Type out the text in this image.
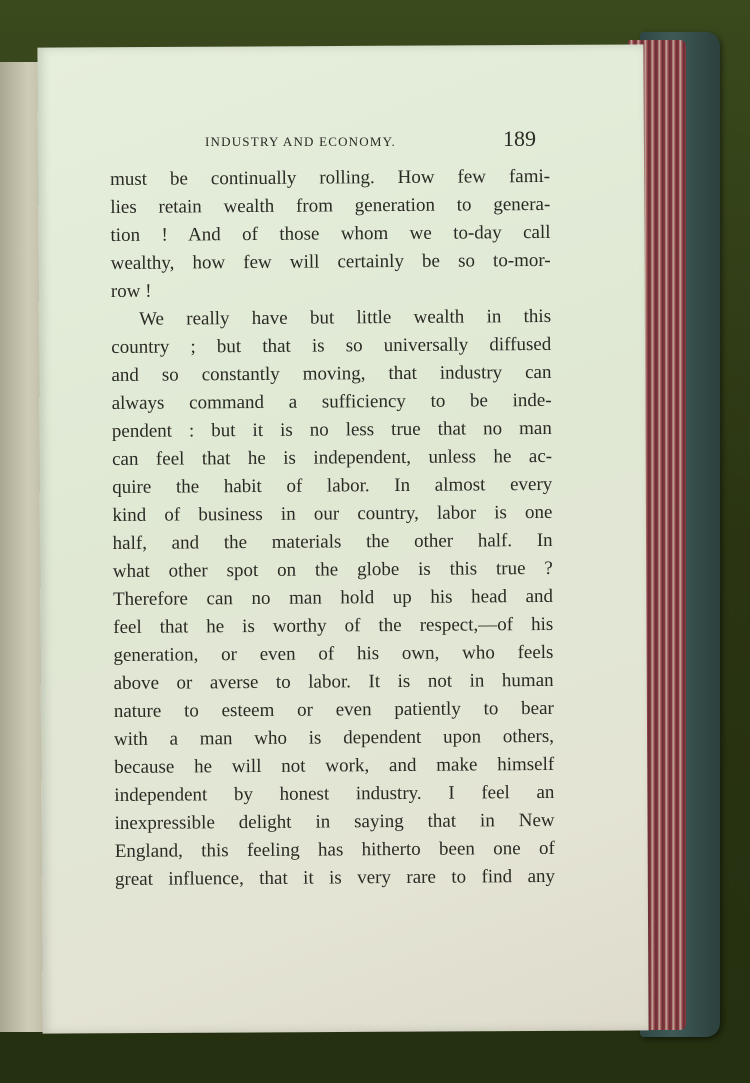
INDUSTRY AND ECONOMY.	189
must be continually rolling. How few fami-
lies retain wealth from generation to genera-
tion ! And of those whom we to-day call
wealthy, how few will certainly be so to-mor-
row !
We really have but little wealth in this
country ; but that is so universally diffused
and so constantly moving, that industry can
always command a sufficiency to be inde-
pendent : but it is no less true that no man
can feel that he is independent, unless he ac-
quire the habit of labor. In almost every
kind of business in our country, labor is one
half, and the materials the other half. In
what other spot on the globe is this true ?
Therefore can no man hold up his head and
feel that he is worthy of the respect,—of his
generation, or even of his own, who feels
above or averse to labor. It is not in human
nature to esteem or even patiently to bear
with a man who is dependent upon others,
because he will not work, and make himself
independent by honest industry. I feel an
inexpressible delight in saying that in New
England, this feeling has hitherto been one of
great influence, that it is very rare to find any
